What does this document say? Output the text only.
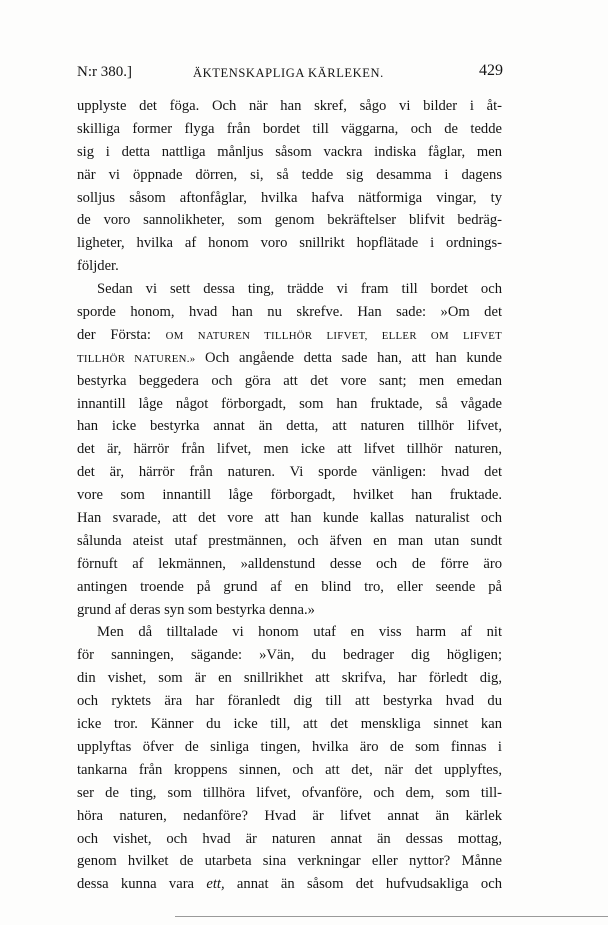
N:r 380.]	ÄKTENSKAPLIGA KÄRLEKEN.	429
upplyste det föga. Och när han skref, sågo vi bilder i åt-
skilliga former flyga från bordet till väggarna, och de tedde
sig i detta nattliga månljus såsom vackra indiska fåglar, men
när vi öppnade dörren, si, så tedde sig desamma i dagens
solljus såsom aftonfåglar, hvilka hafva nätformiga vingar, ty
de voro sannolikheter, som genom bekräftelser blifvit bedräg-
ligheter, hvilka af honom voro snillrikt hopflätade i ordnings-
följder.
Sedan vi sett dessa ting, trädde vi fram till bordet och
sporde honom, hvad han nu skrefve. Han sade: »Om det
der Första: OM NATUREN TILLHÖR LIFVET, ELLER OM LIFVET
TILLHÖR NATUREN.» Och angående detta sade han, att han kunde
bestyrka beggedera och göra att det vore sant; men emedan
innantill låge något förborgadt, som han fruktade, så vågade
han icke bestyrka annat än detta, att naturen tillhör lifvet,
det är, härrör från lifvet, men icke att lifvet tillhör naturen,
det är, härrör från naturen. Vi sporde vänligen: hvad det
vore som innantill låge förborgadt, hvilket han fruktade.
Han svarade, att det vore att han kunde kallas naturalist och
sålunda ateist utaf prestmännen, och äfven en man utan sundt
förnuft af lekmännen, »alldenstund desse och de förre äro
antingen troende på grund af en blind tro, eller seende på
grund af deras syn som bestyrka denna.»
Men då tilltalade vi honom utaf en viss harm af nit
för sanningen, sägande: »Vän, du bedrager dig högligen;
din vishet, som är en snillrikhet att skrifva, har förledt dig,
och ryktets ära har föranledt dig till att bestyrka hvad du
icke tror. Känner du icke till, att det menskliga sinnet kan
upplyftas öfver de sinliga tingen, hvilka äro de som finnas i
tankarna från kroppens sinnen, och att det, när det upplyftes,
ser de ting, som tillhöra lifvet, ofvanföre, och dem, som till-
höra naturen, nedanföre? Hvad är lifvet annat än kärlek
och vishet, och hvad är naturen annat än dessas mottag,
genom hvilket de utarbeta sina verkningar eller nyttor? Månne
dessa kunna vara ett, annat än såsom det hufvudsakliga och
